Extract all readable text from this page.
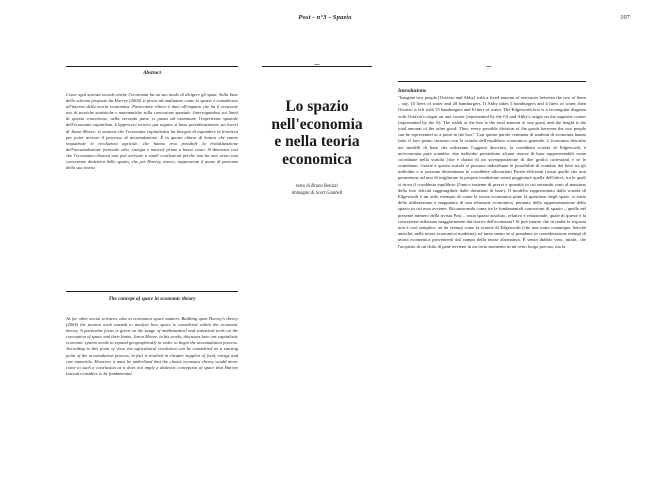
Post - n°3 - Spazio	107

Abstract

Come ogni scienza sociale anche l'economia ha un suo modo di dirigere gli spazi. Sulla base dello schema proposto da Harvey (2004) si prova ad analizzare come lo spazio è considerato all'interno della teoria economica. Particolare rilievo è dato all'impatto che ha il crescente uso di tecniche statistiche e matematiche sulla concezione spaziale. Interrogandosi sui limiti di questa concezione, nella seconda parte si passa ad esaminare l'esperienza spaziale dell'economia capitalista. L'approccio teorico qui seguito si basa prevalentemente sui lavori di Jason Moore: si sostiene che l'economia capitalistica ha bisogno di espandere la frontiera per poter avviare il processo di accumulazione. È in queste chiave di lettura che vanno inquadrate le rivoluzioni agricole, che hanno reso possibile la rivitalizzazione dell'accumulazione fornendo cibo, energia e materie prime a basso costo. Si dimostra così che l'economia classica non può arrivare a simili conclusioni perché non ha mai avuto una concezione dialettica dello spazio, che per Harvey, invece, rappresenta il punto di partenza della sua teoria.

The concept of space in economic theory

As for other social sciences, also in economics space matters. Building upon Harvey's theory (2004) the present work intends to analyze how space is considered within the economic theory. A particular focus is given on the usage of mathematical and statistical tools on the conception of space and their limits. Jason Moore, in his works, discusses how our capitalistic economic system needs to expand geographically in order to begin the accumulation process. According to this point of view, the agricultural revolution can be considered as a starting point of the accumulation process, in fact it resulted in cheaper supplies of food, energy and raw materials. However, it must be underlined that the classic economic theory would never come to such a conclusion as it does not imply a dialectic conception of space that Harvey instead considers to be fundamental.

–

Lo spazio
nell'economia
e nella teoria
economica

testo di Bruno Bonizzi
immagini di Scott Gambell
–

Introduzione

"Imagine two people (Octavio and Abby) with a fixed amount of resources between the two of them – say, 10 liters of water and 20 hamburgers. If Abby takes 5 hamburgers and 4 liters of water, then Octavio is left with 15 hamburgers and 6 liters of water. The Edgeworth box is a rectangular diagram with Octavio's origin on one corner (represented by the O) and Abby's origin on the opposite corner (represented by the A). The width of the box is the total amount of one good, and the height is the total amount of the other good. Thus, every possible division of the goods between the two people can be represented as a point in the box." Con queste parole centinaia di studenti di economia hanno fatto il loro primo incontro con la scatola dell'equilibrio economico generale. L'economia descritta nei modelli di base che utilizzano l'oggetto descritto, la cosiddetta scatola di Edgeworth, è un'economia pura scambio: due individui possiedono alcune risorse di base rappresentabili come coordinate nella scatola (che è dotata di un sovrapposizione di due grafici cartesiani) e se le scambiano. Grazie a questa scatola si possono individuare le possibilità di scambio dei beni tra gli individui e si possono determinare le cosiddette allocazioni Pareto-efficienti (ossia quelle che non permettono ad uno di migliorare la propria condizione senza peggiorare quella dell'altro), tra le quali si trova il cosiddetto equilibrio (l'unico insieme di prezzi e quantità in cui entrambi sono al massimo della loro felicità raggiungibile dalle dotazioni di base). Il modello rappresentato dalla scatola di Edgeworth è un utile esempio di come la teoria economica pone la questione degli spazi: si tratta della utilizzazione e mappatura di una relazione economica, pertanto della rappresentazione dello spazio in cui essa avviene. Riconoscendo come tre le fondamentali concezioni di spazio – quelle nel presente numero della rivista Post – ossia spazio assoluto, relativo e relazionale, quale di queste è la concezione utilizzata maggiormente dai teorici dell'economia? Si può intuire che in realtà la risposta non è così semplice, né da esempi come la scatola di Edgeworth (che non tratta comunque, benché anziché, nella teoria economica moderna), né tanto meno se si prendano in considerazione esempi di teoria economica provenienti dal campo della teoria alternativa. È senza dubbio vero, infatti, che l'acquisto di un chilo di pane avviene in un certo momento in un certo luogo preciso, ma la
